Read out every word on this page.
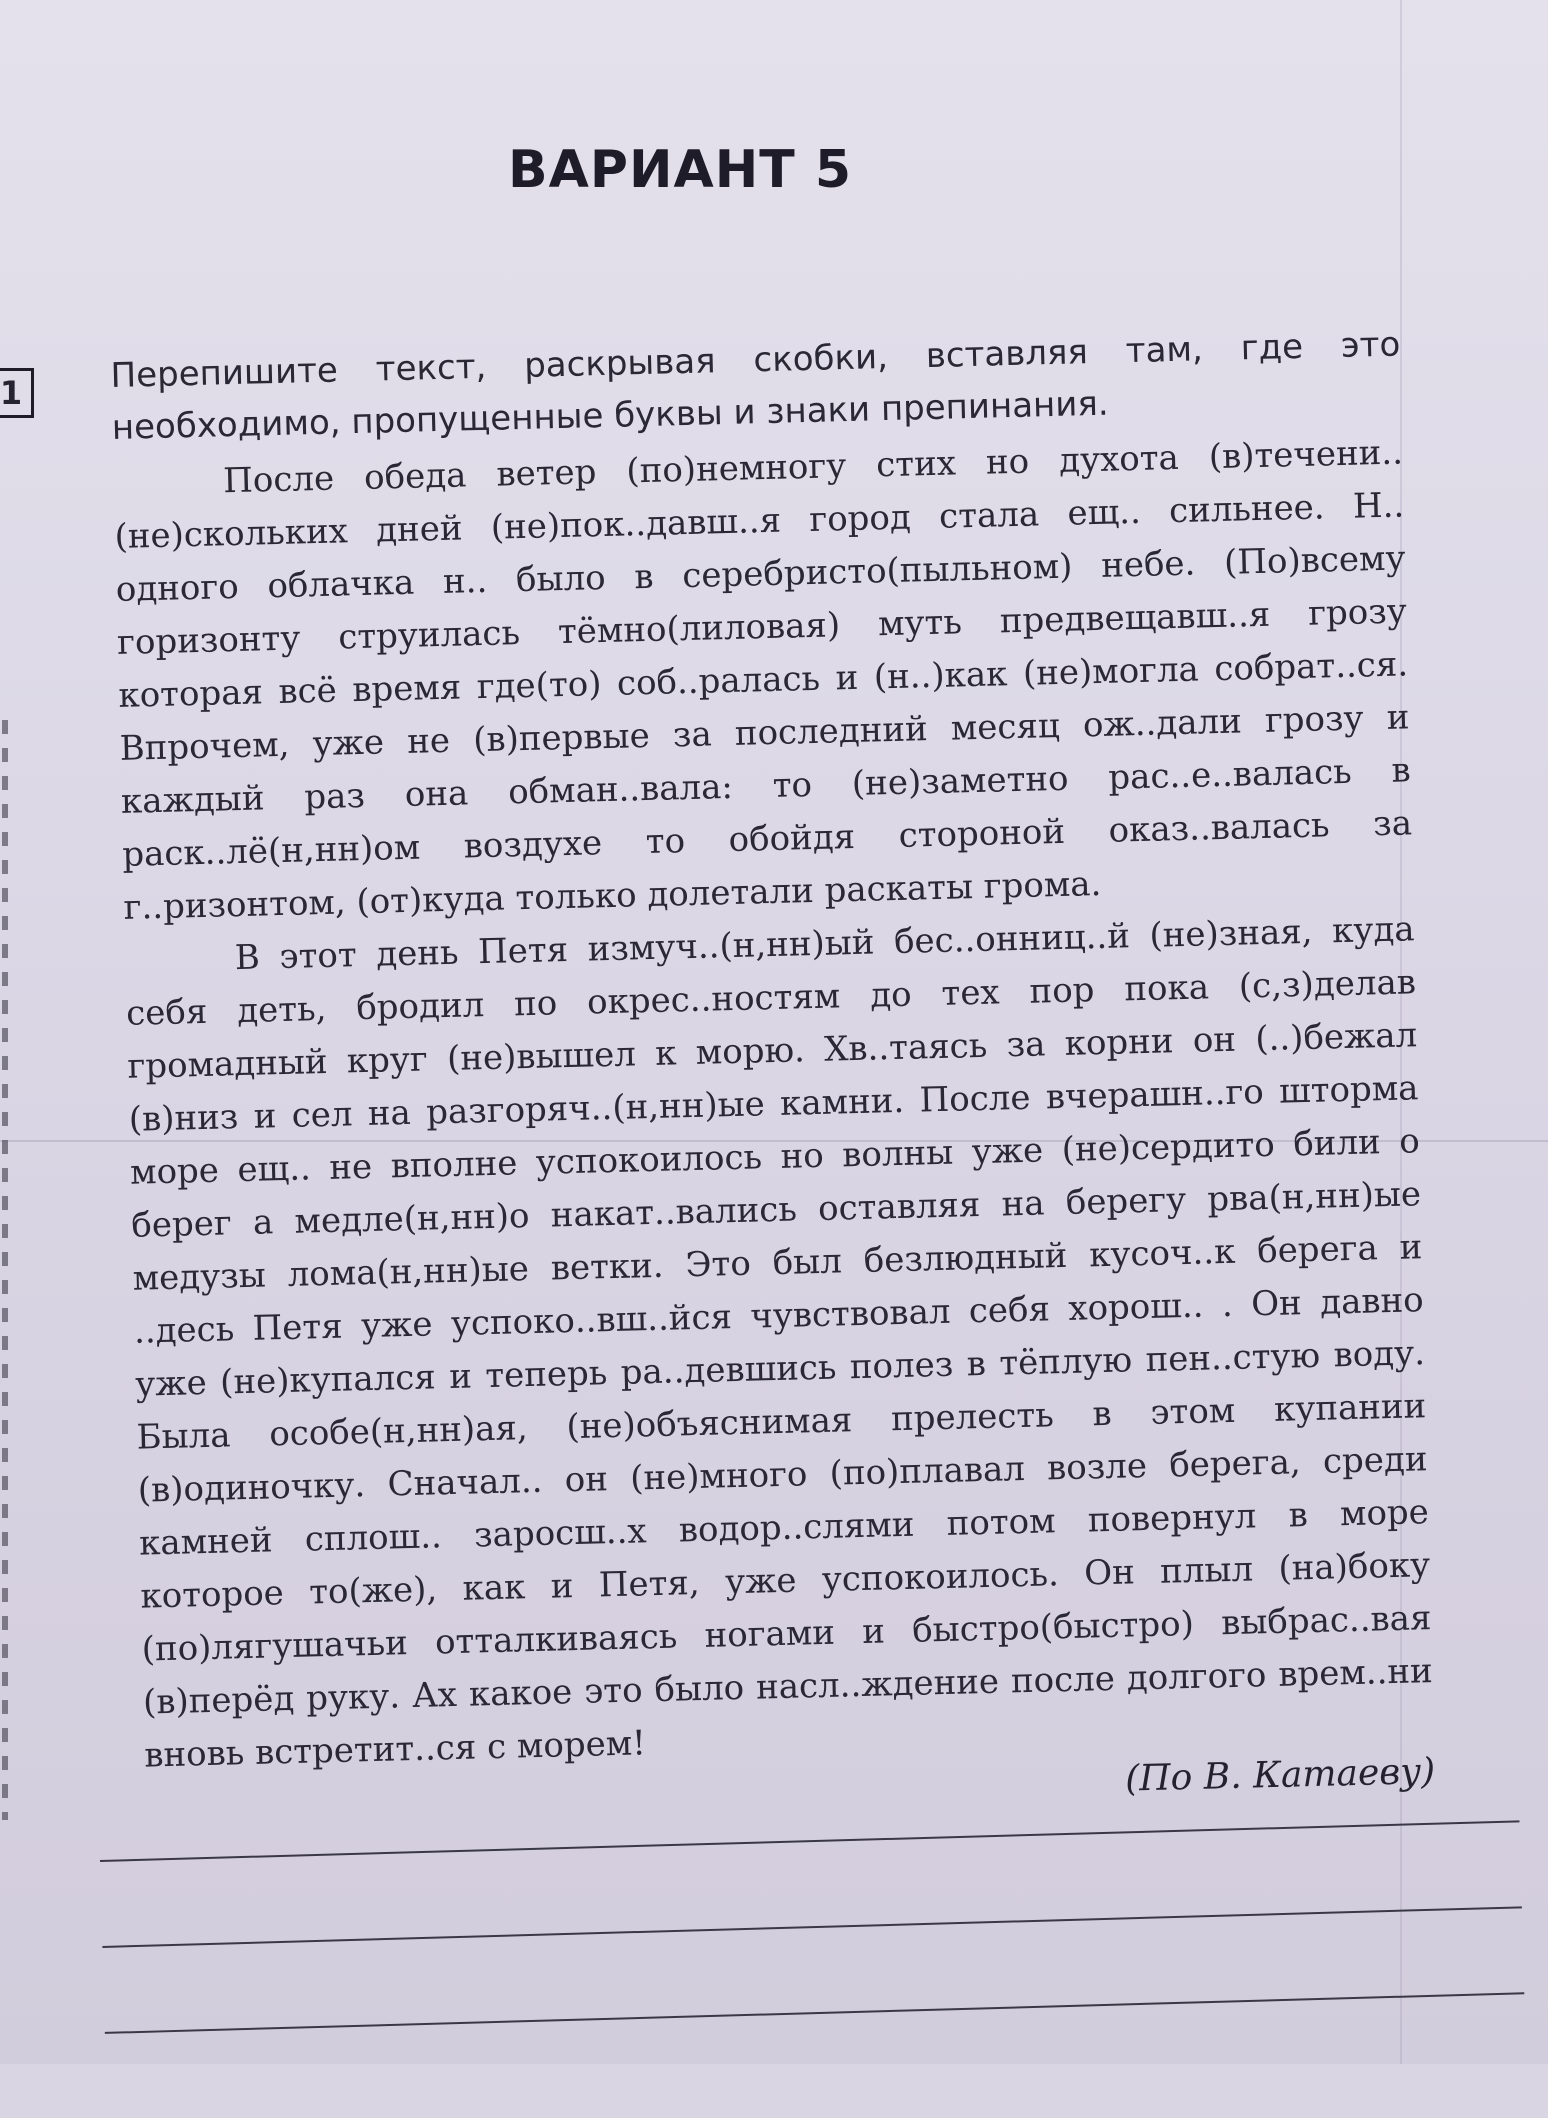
ВАРИАНТ 5
1	Перепишите текст, раскрывая скобки, вставляя там, где это необходимо, пропущенные буквы и знаки препинания.

После обеда ветер (по)немногу стих но духота (в)течени.. (не)скольких дней (не)пок..давш..я город стала ещ.. сильнее. Н.. одного облачка н.. было в серебристо(пыльном) небе. (По)всему горизонту струилась тёмно(лиловая) муть предвещавш..я грозу которая всё время где(то) соб..ралась и (н..)как (не)могла собрат..ся. Впрочем, уже не (в)первые за последний месяц ож..дали грозу и каждый раз она обман..вала: то (не)заметно рас..е..валась в раск..лё(н,нн)ом воздухе то обойдя стороной оказ..валась за г..ризонтом, (от)куда только долетали раскаты грома.

В этот день Петя измуч..(н,нн)ый бес..онниц..й (не)зная, куда себя деть, бродил по окрес..ностям до тех пор пока (с,з)делав громадный круг (не)вышел к морю. Хв..таясь за корни он (..)бежал (в)низ и сел на разгоряч..(н,нн)ые камни. После вчерашн..го шторма море ещ.. не вполне успокоилось но волны уже (не)сердито били о берег а медле(н,нн)о накат..вались оставляя на берегу рва(н,нн)ые медузы лома(н,нн)ые ветки. Это был безлюдный кусоч..к берега и ..десь Петя уже успоко..вш..йся чувствовал себя хорош.. . Он давно уже (не)купался и теперь ра..девшись полез в тёплую пен..стую воду. Была особе(н,нн)ая, (не)объяснимая прелесть в этом купании (в)одиночку. Сначал.. он (не)много (по)плавал возле берега, среди камней сплош.. заросш..х водор..слями потом повернул в море которое то(же), как и Петя, уже успокоилось. Он плыл (на)боку (по)лягушачьи отталкиваясь ногами и быстро(быстро) выбрас..вая (в)перёд руку. Ах какое это было насл..ждение после долгого врем..ни вновь встретит..ся с морем!	(По В. Катаеву)
